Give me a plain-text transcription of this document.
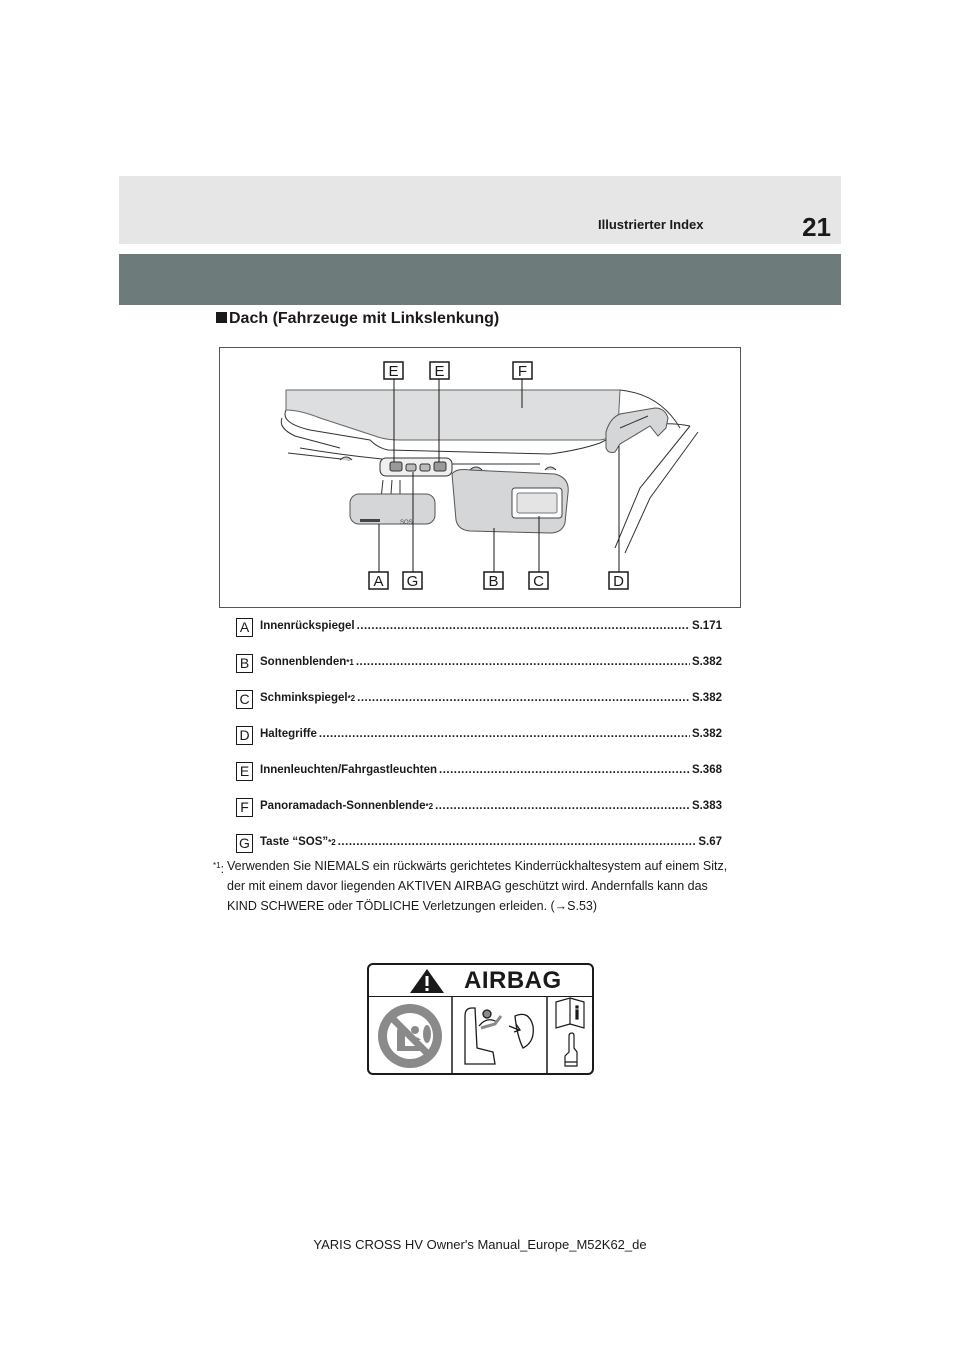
Illustrierter Index	21
Dach (Fahrzeuge mit Linkslenkung)
E E	F
A G	B C	D
SOS
A Innenrückspiegel .....	S.171
B Sonnenblenden *1 .....	S.382
C Schminkspiegel *2 .....	S.382
D Haltegriffe .....	S.382
E Innenleuchten/Fahrgastleuchten .....	S.368
F Panoramadach-Sonnenblende *2 .....	S.383
G Taste “SOS” *2 .....	S.67
$^{*1}$: Verwenden Sie NIEMALS ein rückwärts gerichtetes Kinderrückhaltesystem auf einem Sitz,
der mit einem davor liegenden AKTIVEN AIRBAG geschützt wird. Andernfalls kann das
KIND SCHWERE oder TÖDLICHE Verletzungen erleiden. (→S.53)
AIRBAG
YARIS CROSS HV Owner's Manual_Europe_M52K62_de
